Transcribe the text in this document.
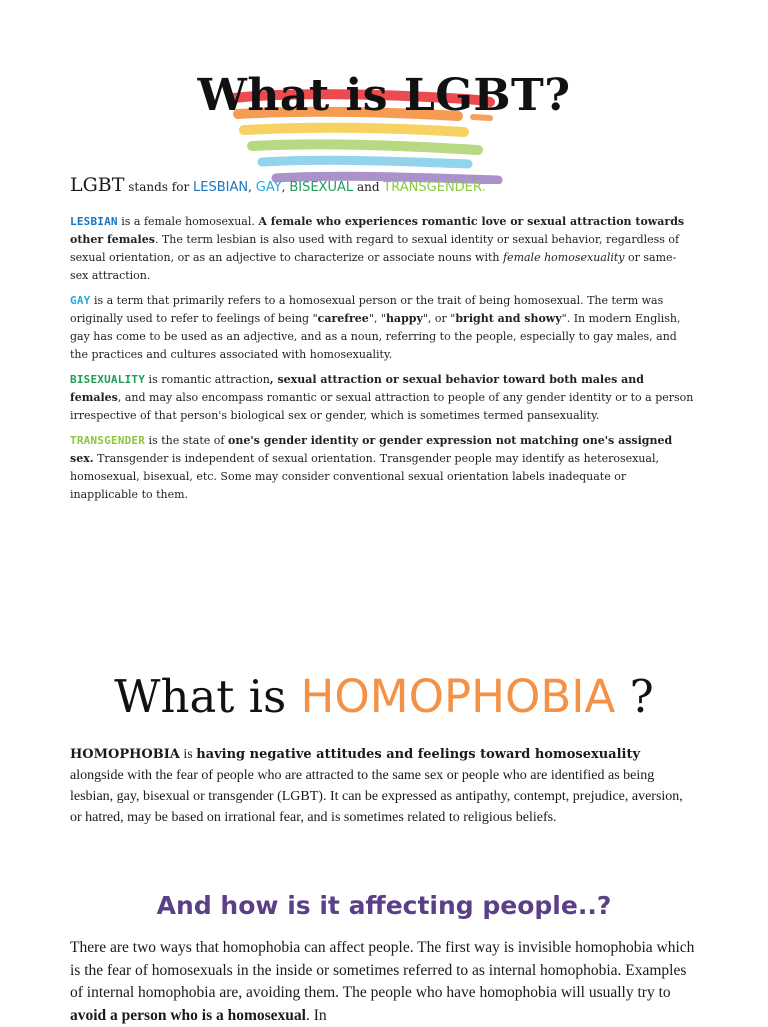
What is LGBT?
LGBT stands for LESBIAN, GAY, BISEXUAL and TRANSGENDER.

LESBIAN is a female homosexual. A female who experiences romantic love or sexual attraction towards other females. The term lesbian is also used with regard to sexual identity or sexual behavior, regardless of sexual orientation, or as an adjective to characterize or associate nouns with female homosexuality or same-sex attraction.

GAY is a term that primarily refers to a homosexual person or the trait of being homosexual. The term was originally used to refer to feelings of being "carefree", "happy", or "bright and showy". In modern English, gay has come to be used as an adjective, and as a noun, referring to the people, especially to gay males, and the practices and cultures associated with homosexuality.

BISEXUALITY is romantic attraction, sexual attraction or sexual behavior toward both males and females, and may also encompass romantic or sexual attraction to people of any gender identity or to a person irrespective of that person's biological sex or gender, which is sometimes termed pansexuality.

TRANSGENDER is the state of one's gender identity or gender expression not matching one's assigned sex. Transgender is independent of sexual orientation. Transgender people may identify as heterosexual, homosexual, bisexual, etc. Some may consider conventional sexual orientation labels inadequate or inapplicable to them.

What is HOMOPHOBIA ?
HOMOPHOBIA is having negative attitudes and feelings toward homosexuality alongside with the fear of people who are attracted to the same sex or people who are identified as being lesbian, gay, bisexual or transgender (LGBT). It can be expressed as antipathy, contempt, prejudice, aversion, or hatred, may be based on irrational fear, and is sometimes related to religious beliefs.
And how is it affecting people..?
There are two ways that homophobia can affect people. The first way is invisible homophobia which is the fear of homosexuals in the inside or sometimes referred to as internal homophobia. Examples of internal homophobia are, avoiding them. The people who have homophobia will usually try to avoid a person who is a homosexual. In
